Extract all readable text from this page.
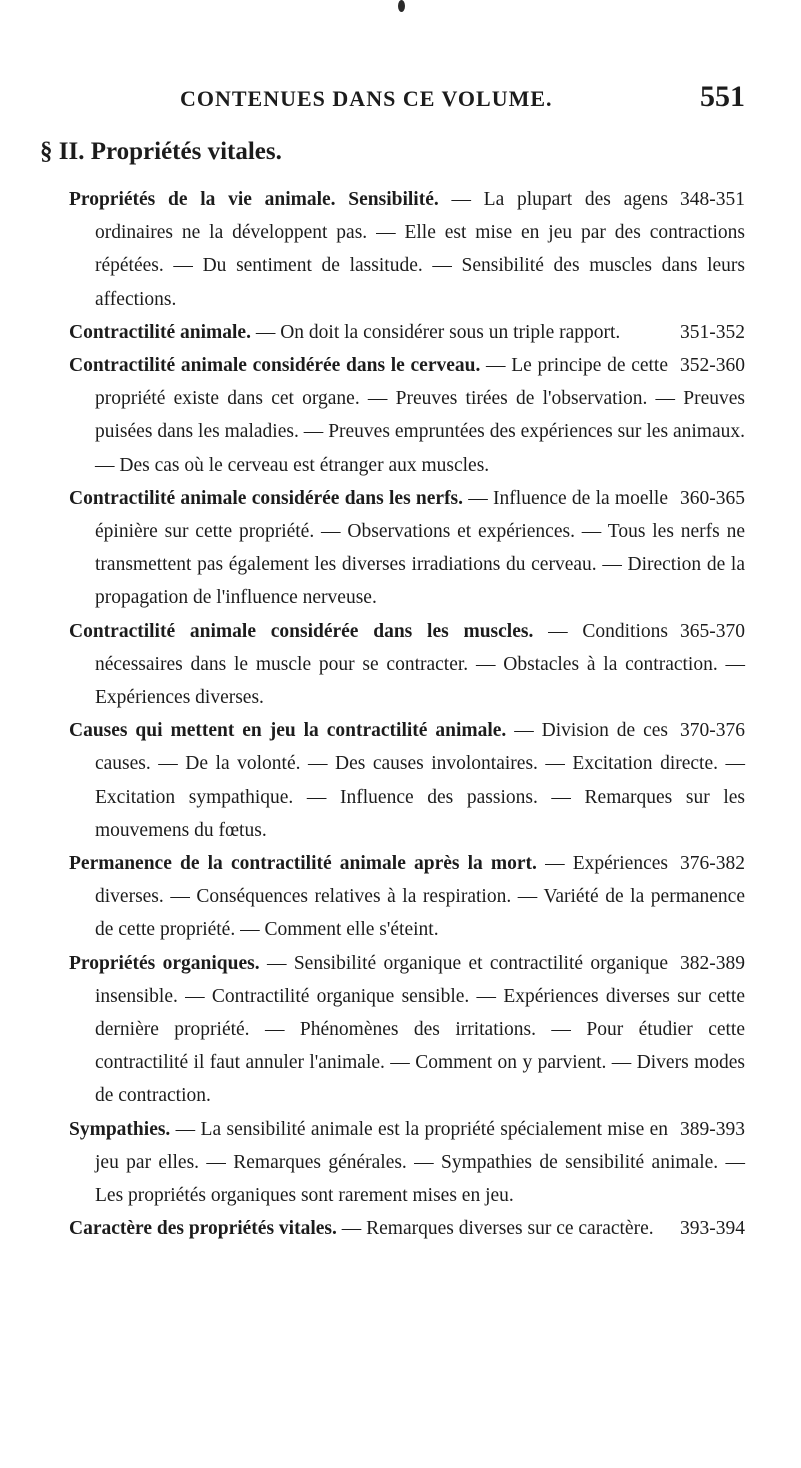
CONTENUES DANS CE VOLUME.	551
§ II. Propriétés vitales.

348-351
Propriétés de la vie animale. Sensibilité. — La plupart des agens ordinaires ne la développent pas. — Elle est mise en jeu par des contractions répétées. — Du sentiment de lassitude. — Sensibilité des muscles dans leurs affections.

351-352
Contractilité animale. — On doit la considérer sous un triple rapport.

352-360
Contractilité animale considérée dans le cerveau. — Le principe de cette propriété existe dans cet organe. — Preuves tirées de l'observation. — Preuves puisées dans les maladies. — Preuves empruntées des expériences sur les animaux. — Des cas où le cerveau est étranger aux muscles.

360-365
Contractilité animale considérée dans les nerfs. — Influence de la moelle épinière sur cette propriété. — Observations et expériences. — Tous les nerfs ne transmettent pas également les diverses irradiations du cerveau. — Direction de la propagation de l'influence nerveuse.

365-370
Contractilité animale considérée dans les muscles. — Conditions nécessaires dans le muscle pour se contracter. — Obstacles à la contraction. — Expériences diverses.

370-376
Causes qui mettent en jeu la contractilité animale. — Division de ces causes. — De la volonté. — Des causes involontaires. — Excitation directe. — Excitation sympathique. — Influence des passions. — Remarques sur les mouvemens du fœtus.

376-382
Permanence de la contractilité animale après la mort. — Expériences diverses. — Conséquences relatives à la respiration. — Variété de la permanence de cette propriété. — Comment elle s'éteint.

382-389
Propriétés organiques. — Sensibilité organique et contractilité organique insensible. — Contractilité organique sensible. — Expériences diverses sur cette dernière propriété. — Phénomènes des irritations. — Pour étudier cette contractilité il faut annuler l'animale. — Comment on y parvient. — Divers modes de contraction.

389-393
Sympathies. — La sensibilité animale est la propriété spécialement mise en jeu par elles. — Remarques générales. — Sympathies de sensibilité animale. — Les propriétés organiques sont rarement mises en jeu.

393-394
Caractère des propriétés vitales. — Remarques diverses sur ce caractère.
